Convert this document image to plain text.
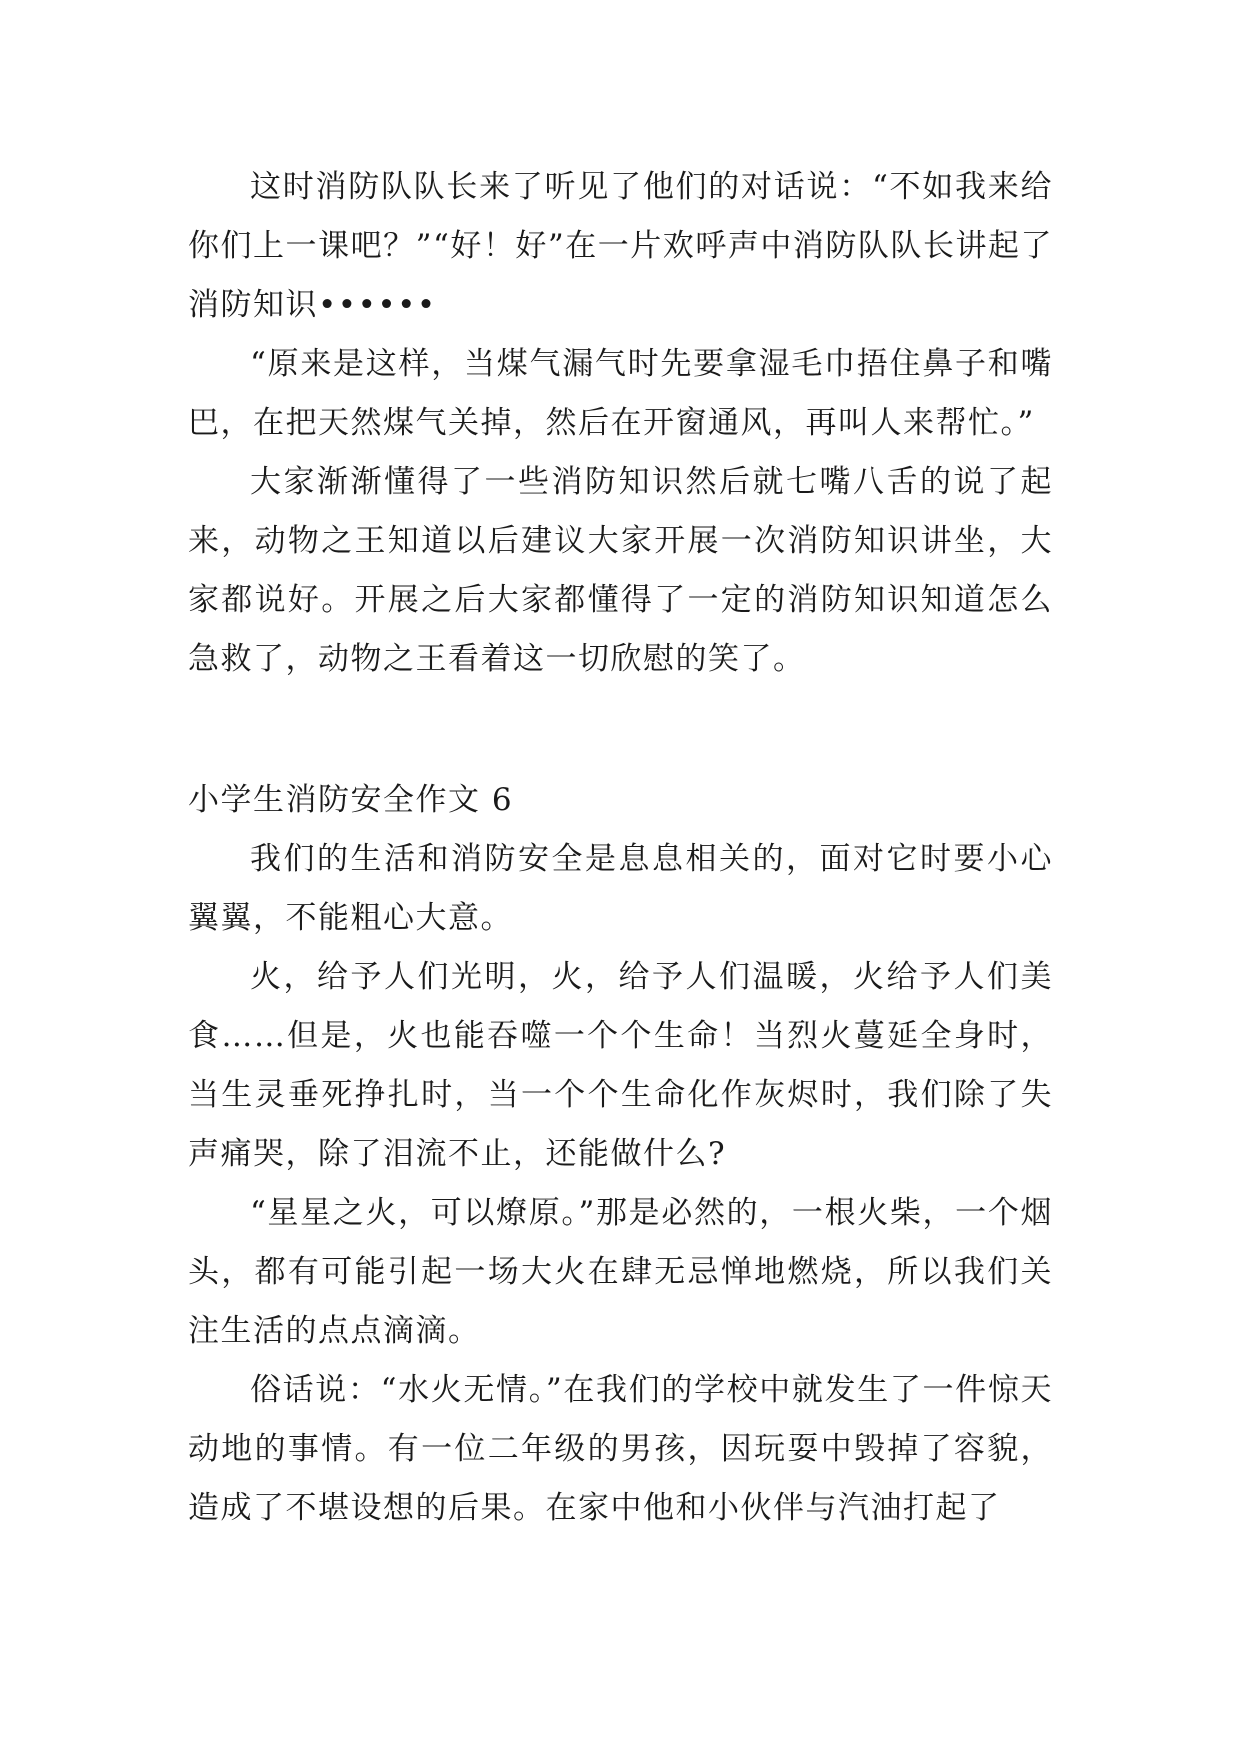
这时消防队队长来了听见了他们的对话说：“不如我来给你们上一课吧？”“好！好”在一片欢呼声中消防队队长讲起了消防知识••••••

“原来是这样，当煤气漏气时先要拿湿毛巾捂住鼻子和嘴巴，在把天然煤气关掉，然后在开窗通风，再叫人来帮忙。”

大家渐渐懂得了一些消防知识然后就七嘴八舌的说了起来，动物之王知道以后建议大家开展一次消防知识讲坐，大家都说好。开展之后大家都懂得了一定的消防知识知道怎么急救了，动物之王看着这一切欣慰的笑了。

小学生消防安全作文 6

我们的生活和消防安全是息息相关的，面对它时要小心翼翼，不能粗心大意。

火，给予人们光明，火，给予人们温暖，火给予人们美食……但是，火也能吞噬一个个生命！当烈火蔓延全身时，当生灵垂死挣扎时，当一个个生命化作灰烬时，我们除了失声痛哭，除了泪流不止，还能做什么?

“星星之火，可以燎原。”那是必然的，一根火柴，一个烟头，都有可能引起一场大火在肆无忌惮地燃烧，所以我们关注生活的点点滴滴。

俗话说：“水火无情。”在我们的学校中就发生了一件惊天动地的事情。有一位二年级的男孩，因玩耍中毁掉了容貌，造成了不堪设想的后果。在家中他和小伙伴与汽油打起了
